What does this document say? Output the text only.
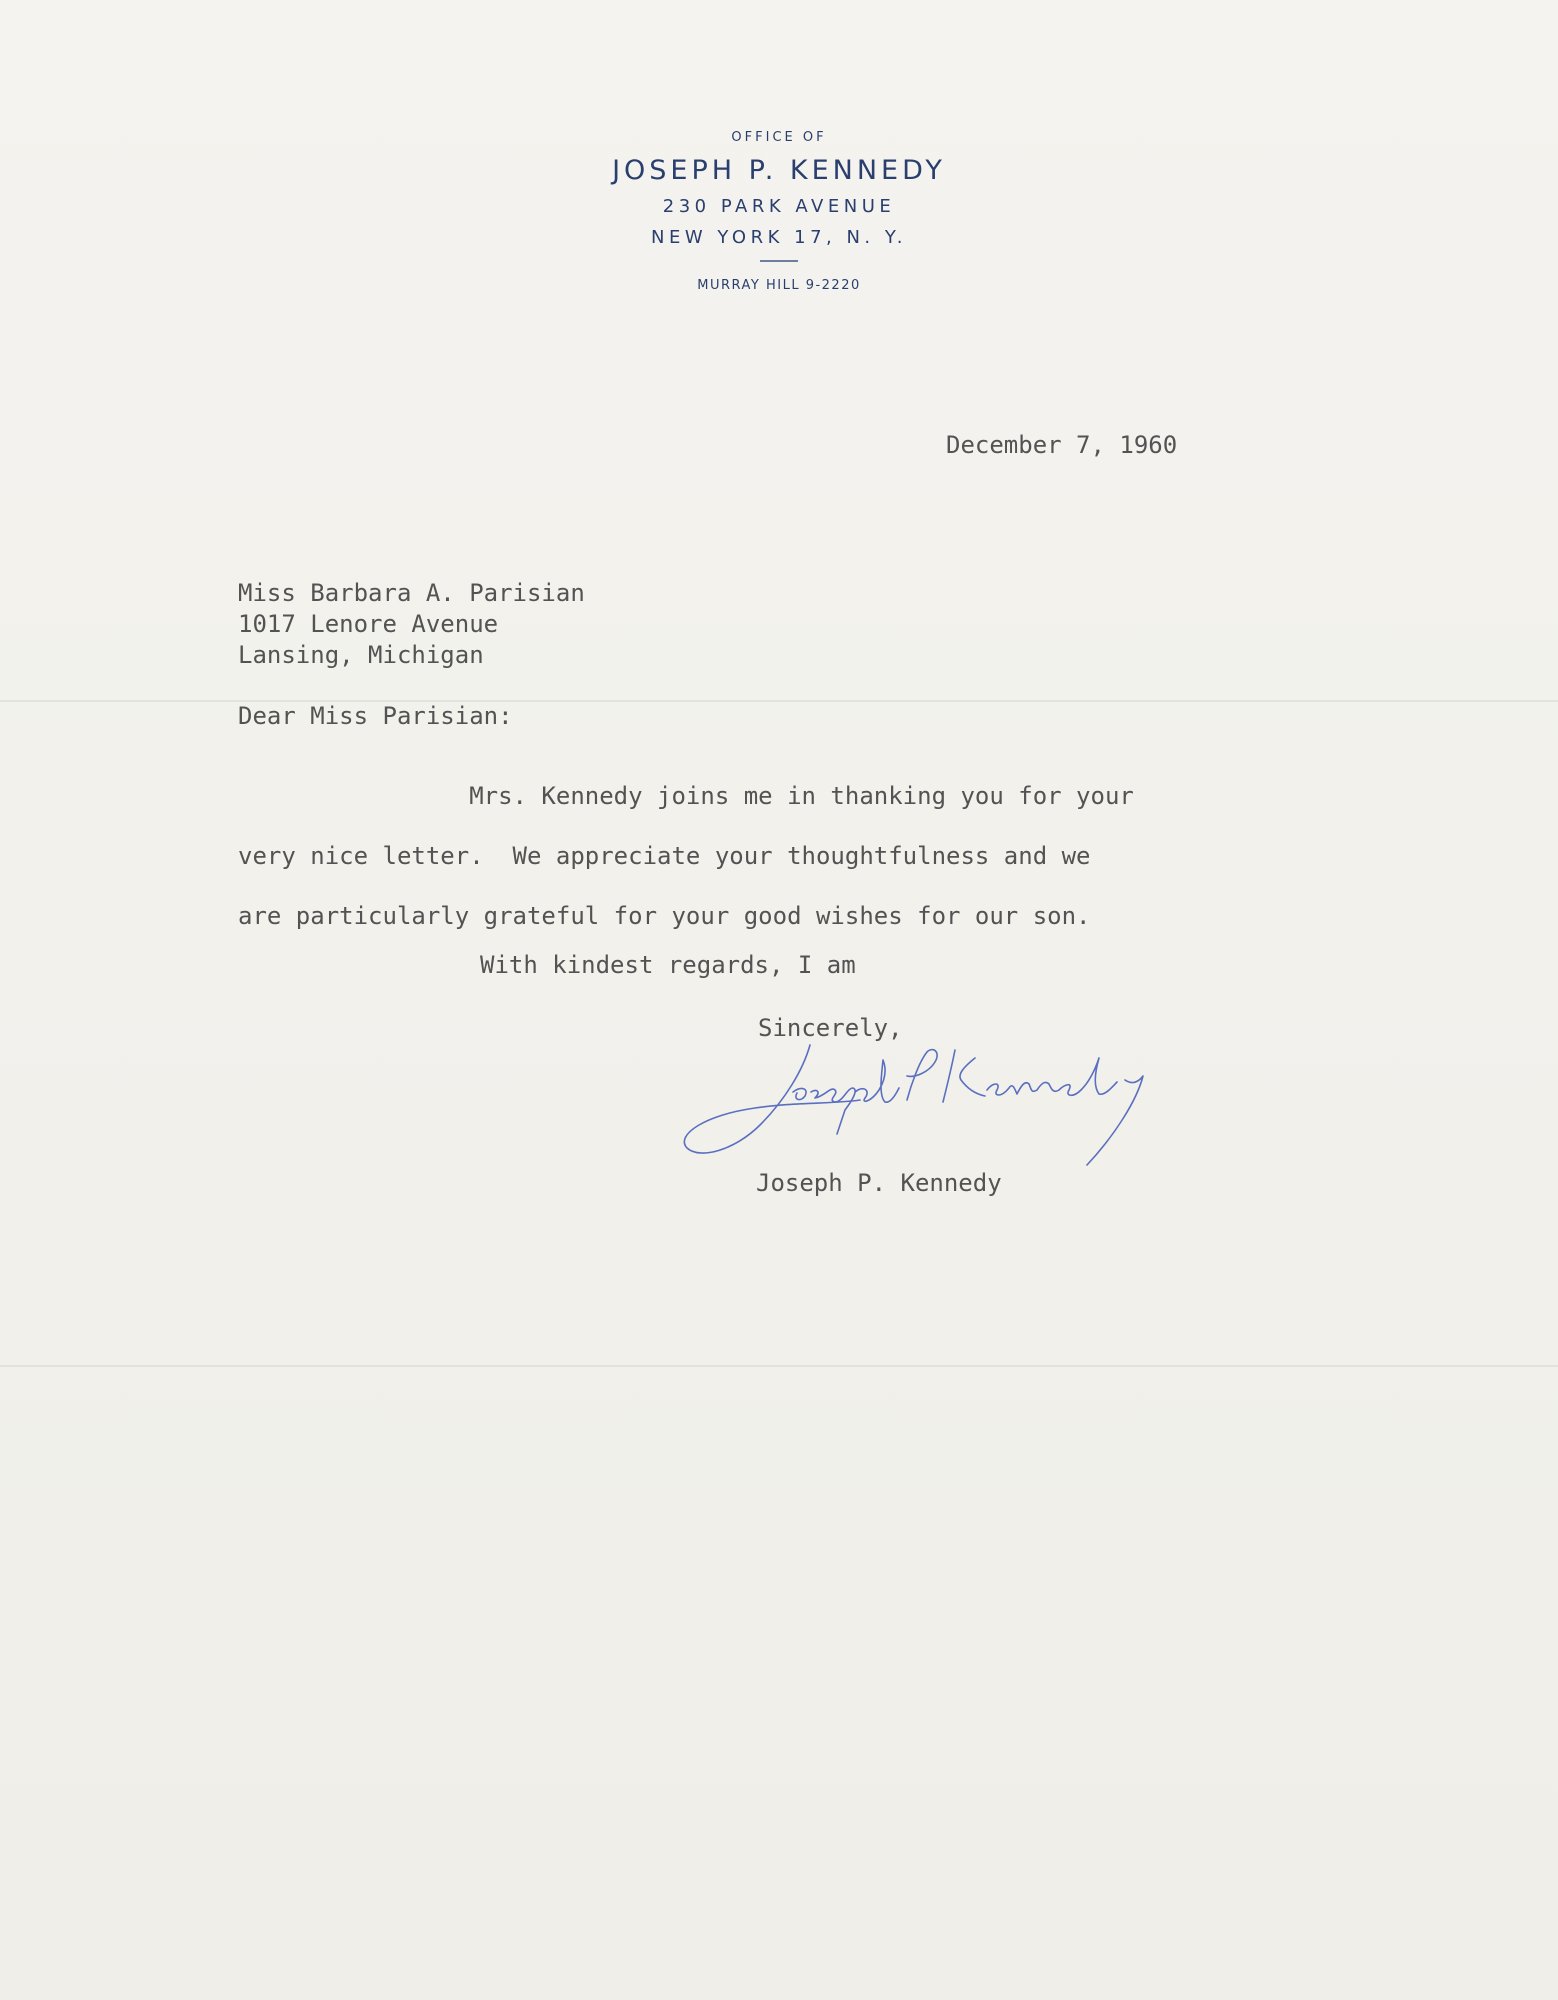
OFFICE OF
JOSEPH P. KENNEDY
230 PARK AVENUE
NEW YORK 17, N. Y.
MURRAY HILL 9-2220
December 7, 1960
Miss Barbara A. Parisian
1017 Lenore Avenue
Lansing, Michigan
Dear Miss Parisian:
Mrs. Kennedy joins me in thanking you for your
very nice letter.  We appreciate your thoughtfulness and we
are particularly grateful for your good wishes for our son.
With kindest regards, I am
Sincerely,
Joseph P. Kennedy
